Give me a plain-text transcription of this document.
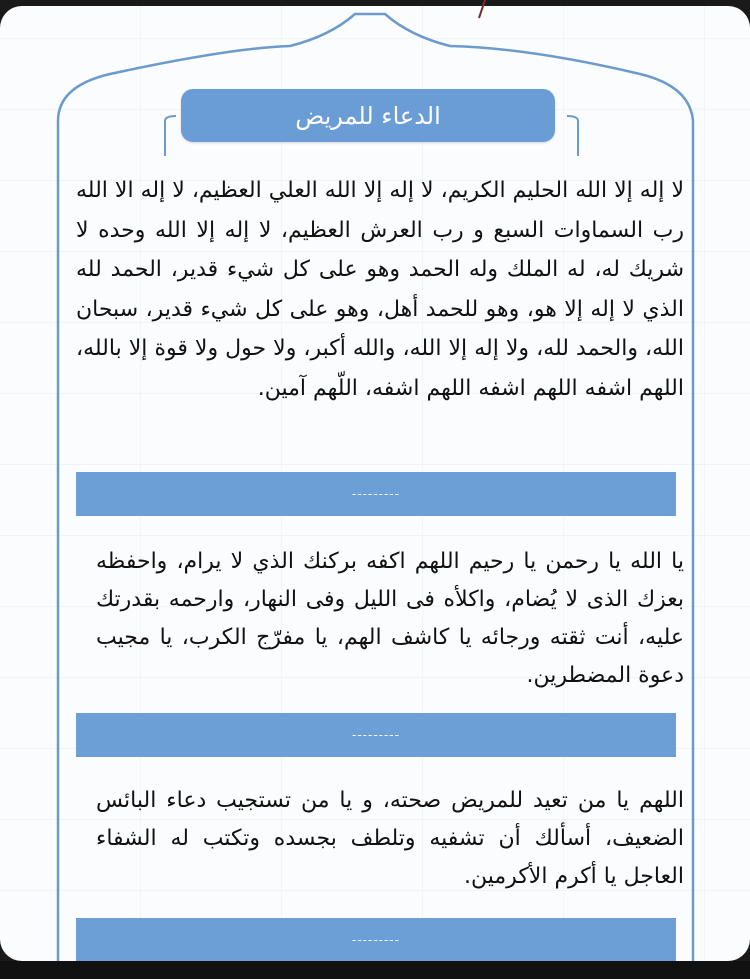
الدعاء للمريض
لا إله إلا الله الحليم الكريم، لا إله إلا الله العلي العظيم، لا إله الا الله رب السماوات السبع و رب العرش العظيم، لا إله إلا الله وحده لا شريك له، له الملك وله الحمد وهو على كل شيء قدير، الحمد لله الذي لا إله إلا هو، وهو للحمد أهل، وهو على كل شيء قدير، سبحان الله، والحمد لله، ولا إله إلا الله، والله أكبر، ولا حول ولا قوة إلا بالله، اللهم اشفه اللهم اشفه اللهم اشفه، اللّهم آمين.
---------
يا الله يا رحمن يا رحيم اللهم اكفه بركنك الذي لا يرام، واحفظه بعزك الذى لا يُضام، واكلأه فى الليل وفى النهار، وارحمه بقدرتك عليه، أنت ثقته ورجائه يا كاشف الهم، يا مفرّج الكرب، يا مجيب دعوة المضطرين.
---------
اللهم يا من تعيد للمريض صحته، و يا من تستجيب دعاء البائس الضعيف، أسألك أن تشفيه وتلطف بجسده وتكتب له الشفاء العاجل يا أكرم الأكرمين.
---------
